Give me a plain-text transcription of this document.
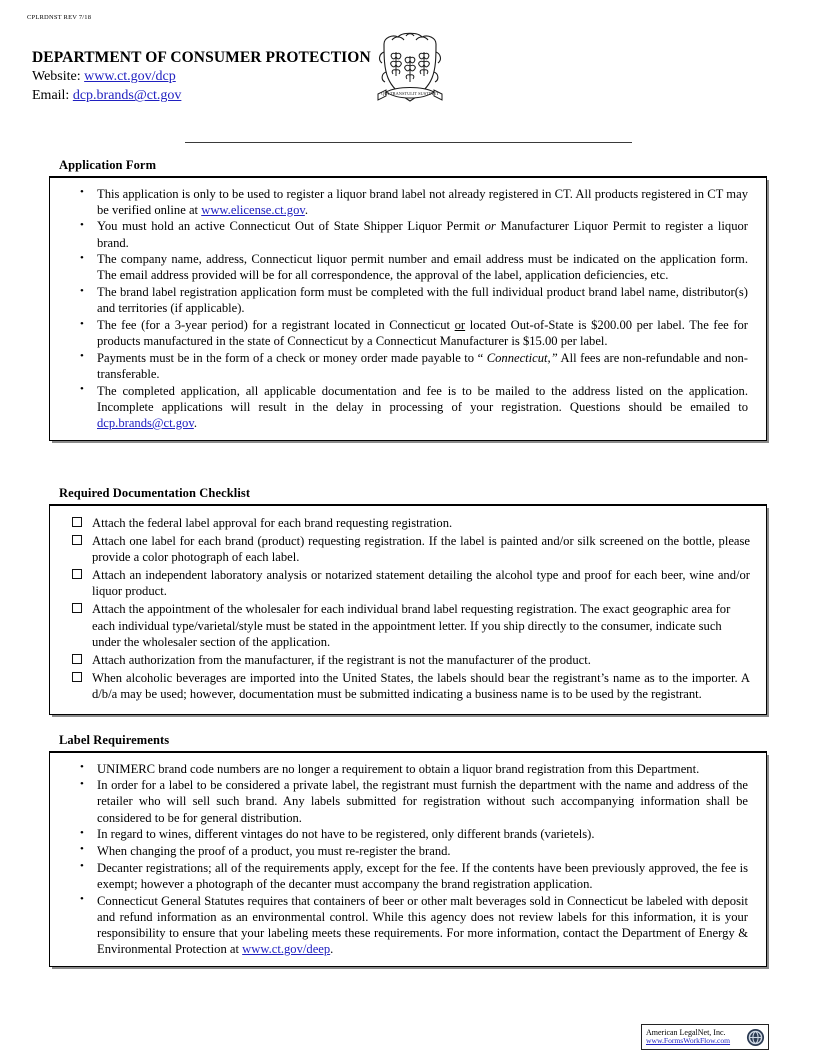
CPLRDNST REV 7/18
DEPARTMENT OF CONSUMER PROTECTION
Website: www.ct.gov/dcp
Email: dcp.brands@ct.gov	QUI TRANSTULIT SUSTINET
Application Form
• This application is only to be used to register a liquor brand label not already registered in CT. All products registered in CT may be verified online at www.elicense.ct.gov.
• You must hold an active Connecticut Out of State Shipper Liquor Permit or Manufacturer Liquor Permit to register a liquor brand.
• The company name, address, Connecticut liquor permit number and email address must be indicated on the application form. The email address provided will be for all correspondence, the approval of the label, application deficiencies, etc.
• The brand label registration application form must be completed with the full individual product brand label name, distributor(s) and territories (if applicable).
• The fee (for a 3-year period) for a registrant located in Connecticut or located Out-of-State is $200.00 per label. The fee for products manufactured in the state of Connecticut by a Connecticut Manufacturer is $15.00 per label.
• Payments must be in the form of a check or money order made payable to “ Connecticut,” All fees are non-refundable and non-transferable.
• The completed application, all applicable documentation and fee is to be mailed to the address listed on the application. Incomplete applications will result in the delay in processing of your registration. Questions should be emailed to dcp.brands@ct.gov.
Required Documentation Checklist
Attach the federal label approval for each brand requesting registration.
Attach one label for each brand (product) requesting registration. If the label is painted and/or silk screened on the bottle, please provide a color photograph of each label.
Attach an independent laboratory analysis or notarized statement detailing the alcohol type and proof for each beer, wine and/or liquor product.
Attach the appointment of the wholesaler for each individual brand label requesting registration. The exact geographic area for each individual type/varietal/style must be stated in the appointment letter. If you ship directly to the consumer, indicate such under the wholesaler section of the application.
Attach authorization from the manufacturer, if the registrant is not the manufacturer of the product.
When alcoholic beverages are imported into the United States, the labels should bear the registrant’s name as to the importer. A d/b/a may be used; however, documentation must be submitted indicating a business name is to be used by the registrant.
Label Requirements
• UNIMERC brand code numbers are no longer a requirement to obtain a liquor brand registration from this Department.
• In order for a label to be considered a private label, the registrant must furnish the department with the name and address of the retailer who will sell such brand. Any labels submitted for registration without such accompanying information shall be considered to be for general distribution.
• In regard to wines, different vintages do not have to be registered, only different brands (varietels).
• When changing the proof of a product, you must re-register the brand.
• Decanter registrations; all of the requirements apply, except for the fee. If the contents have been previously approved, the fee is exempt; however a photograph of the decanter must accompany the brand registration application.
• Connecticut General Statutes requires that containers of beer or other malt beverages sold in Connecticut be labeled with deposit and refund information as an environmental control. While this agency does not review labels for this information, it is your responsibility to ensure that your labeling meets these requirements. For more information, contact the Department of Energy & Environmental Protection at www.ct.gov/deep.
American LegalNet, Inc.
www.FormsWorkFlow.com
